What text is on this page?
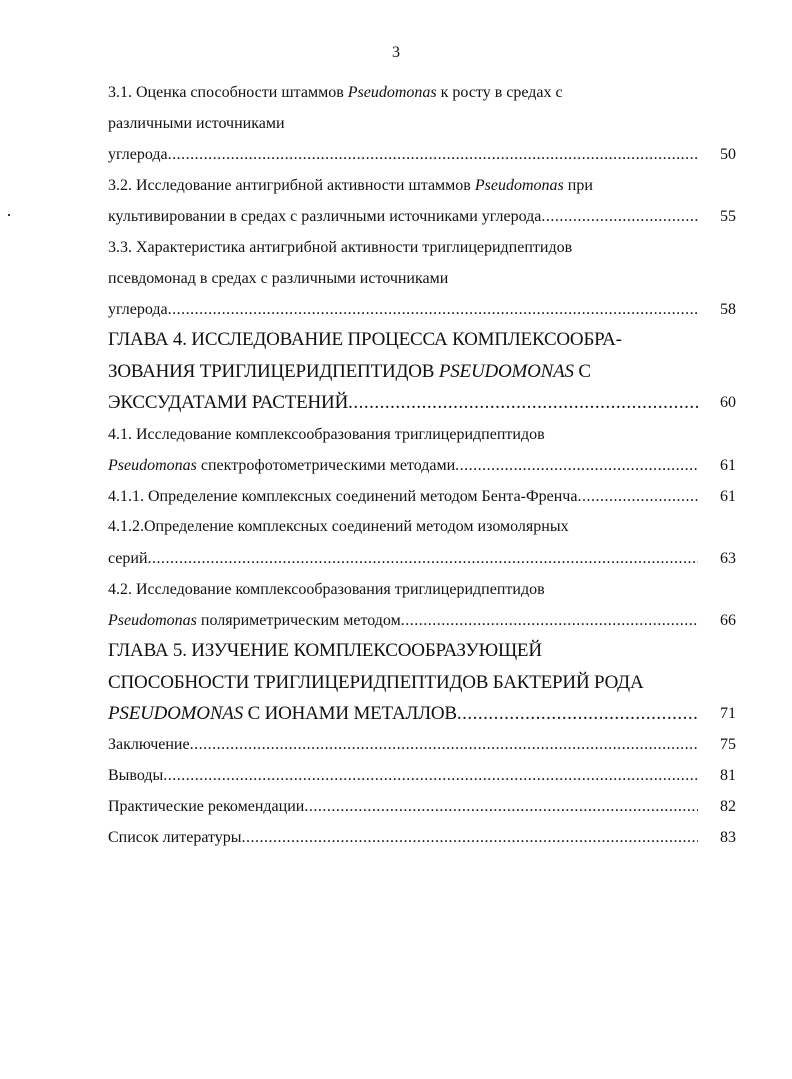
3
3.1. Оценка способности штаммов Pseudomonas к росту в средах с
различными источниками
углерода .....	50
3.2. Исследование антигрибной активности штаммов Pseudomonas при
культивировании в средах с различными источниками углерода .....	55
3.3. Характеристика антигрибной активности триглицеридпептидов
псевдомонад в средах с различными источниками
углерода .....	58
ГЛАВА 4. ИССЛЕДОВАНИЕ ПРОЦЕССА КОМПЛЕКСООБРА-
ЗОВАНИЯ ТРИГЛИЦЕРИДПЕПТИДОВ PSEUDOMONAS С
ЭКССУДАТАМИ РАСТЕНИЙ .....	60
4.1. Исследование комплексообразования триглицеридпептидов
Pseudomonas спектрофотометрическими методами .....	61
4.1.1. Определение комплексных соединений методом Бента-Френча .....	61
4.1.2.Определение комплексных соединений методом изомолярных
серий .....	63
4.2. Исследование комплексообразования триглицеридпептидов
Pseudomonas поляриметрическим методом .....	66
ГЛАВА 5. ИЗУЧЕНИЕ КОМПЛЕКСООБРАЗУЮЩЕЙ
СПОСОБНОСТИ ТРИГЛИЦЕРИДПЕПТИДОВ БАКТЕРИЙ РОДА
PSEUDOMONAS С ИОНАМИ МЕТАЛЛОВ .....	71
Заключение .....	75
Выводы .....	81
Практические рекомендации .....	82
Список литературы .....	83
